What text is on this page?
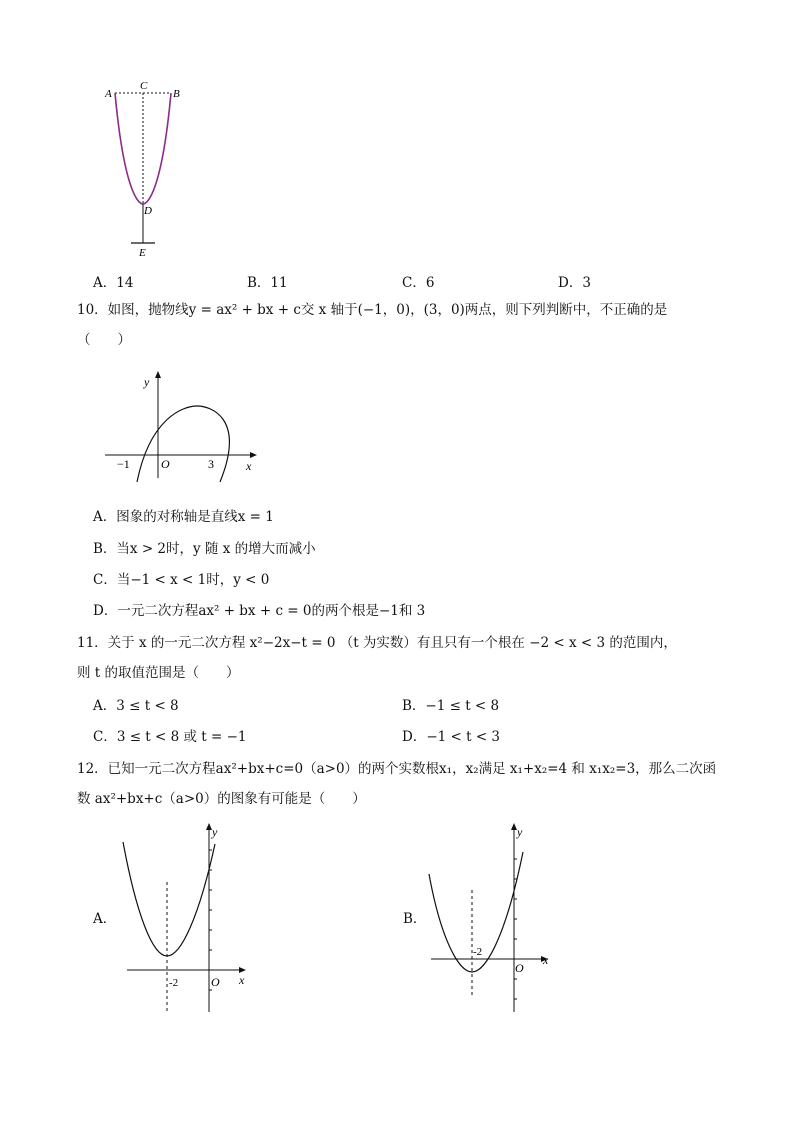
A	B
C
D
E
A．14	B．11	C．6	D．3
10．如图，抛物线y = ax² + bx + c交 x 轴于(−1，0)，(3，0)两点，则下列判断中，不正确的是
（　　）
y
x
O
−1	3
A．图象的对称轴是直线x = 1
B．当x > 2时，y 随 x 的增大而减小
C．当−1 < x < 1时，y < 0
D．一元二次方程ax² + bx + c = 0的两个根是−1和 3
11．关于 x 的一元二次方程 x²−2x−t = 0 （t 为实数）有且只有一个根在 −2 < x < 3 的范围内，
则 t 的取值范围是（　　）
A．3 ≤ t < 8	B．−1 ≤ t < 8
C．3 ≤ t < 8 或 t = −1	D．−1 < t < 3
12．已知一元二次方程ax²+bx+c=0（a>0）的两个实数根x₁，x₂满足 x₁+x₂=4 和 x₁x₂=3，那么二次函
数 ax²+bx+c（a>0）的图象有可能是（　　）
A．
y
x
O
-2
B．
y
x
O
-2
